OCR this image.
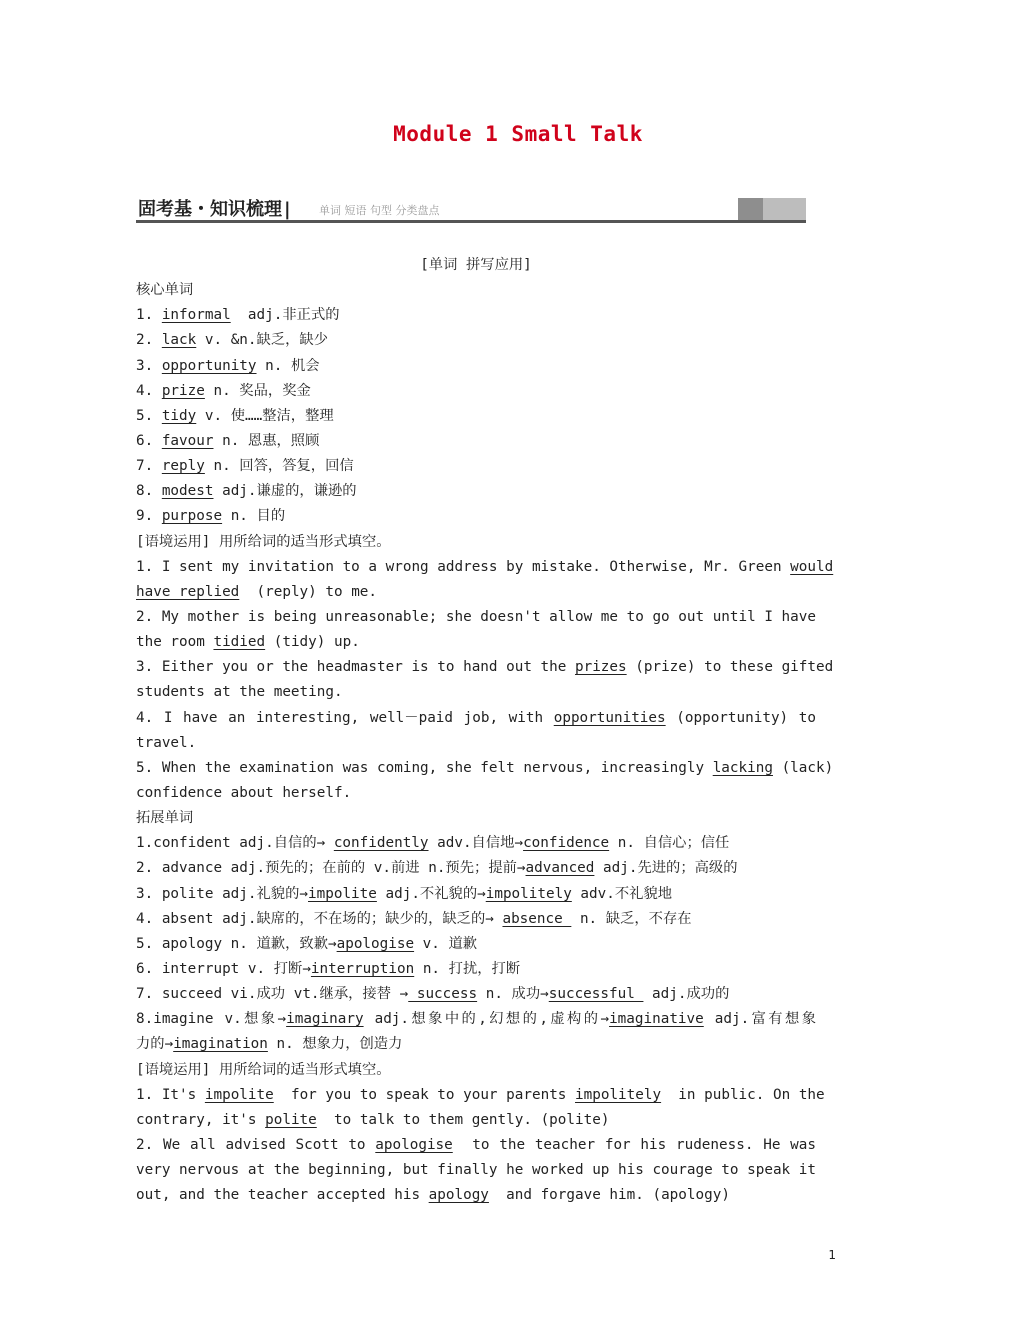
Module 1 Small Talk
固考基・知识梳理 |	单词 短语 句型 分类盘点
[单词 拼写应用]
核心单词
1. informal  adj.非正式的
2. lack v. &n.缺乏，缺少
3. opportunity n. 机会
4. prize n. 奖品，奖金
5. tidy v. 使……整洁，整理
6. favour n. 恩惠，照顾
7. reply n. 回答，答复，回信
8. modest adj.谦虚的，谦逊的
9. purpose n. 目的
[语境运用] 用所给词的适当形式填空。
1. I sent my invitation to a wrong address by mistake. Otherwise, Mr. Green would
have replied  (reply) to me.
2. My mother is being unreasonable; she doesn't allow me to go out until I have
the room tidied (tidy) up.
3. Either you or the headmaster is to hand out the prizes (prize) to these gifted
students at the meeting.
4. I have an interesting, well－paid job, with opportunities (opportunity) to
travel.
5. When the examination was coming, she felt nervous, increasingly lacking (lack)
confidence about herself.
拓展单词
1.confident adj.自信的→ confidently adv.自信地→confidence n. 自信心；信任
2. advance adj.预先的；在前的 v.前进 n.预先；提前→advanced adj.先进的；高级的
3. polite adj.礼貌的→impolite adj.不礼貌的→impolitely adv.不礼貌地
4. absent adj.缺席的，不在场的；缺少的，缺乏的→ absence  n. 缺乏，不存在
5. apology n. 道歉，致歉→apologise v. 道歉
6. interrupt v. 打断→interruption n. 打扰，打断
7. succeed vi.成功 vt.继承，接替 → success n. 成功→successful  adj.成功的
8.imagine v.想象→imaginary adj.想象中的,幻想的,虚构的→imaginative adj.富有想象
力的→imagination n. 想象力，创造力
[语境运用] 用所给词的适当形式填空。
1. It's impolite  for you to speak to your parents impolitely  in public. On the
contrary, it's polite  to talk to them gently. (polite)
2. We all advised Scott to apologise  to the teacher for his rudeness. He was
very nervous at the beginning, but finally he worked up his courage to speak it
out, and the teacher accepted his apology  and forgave him. (apology)
1
